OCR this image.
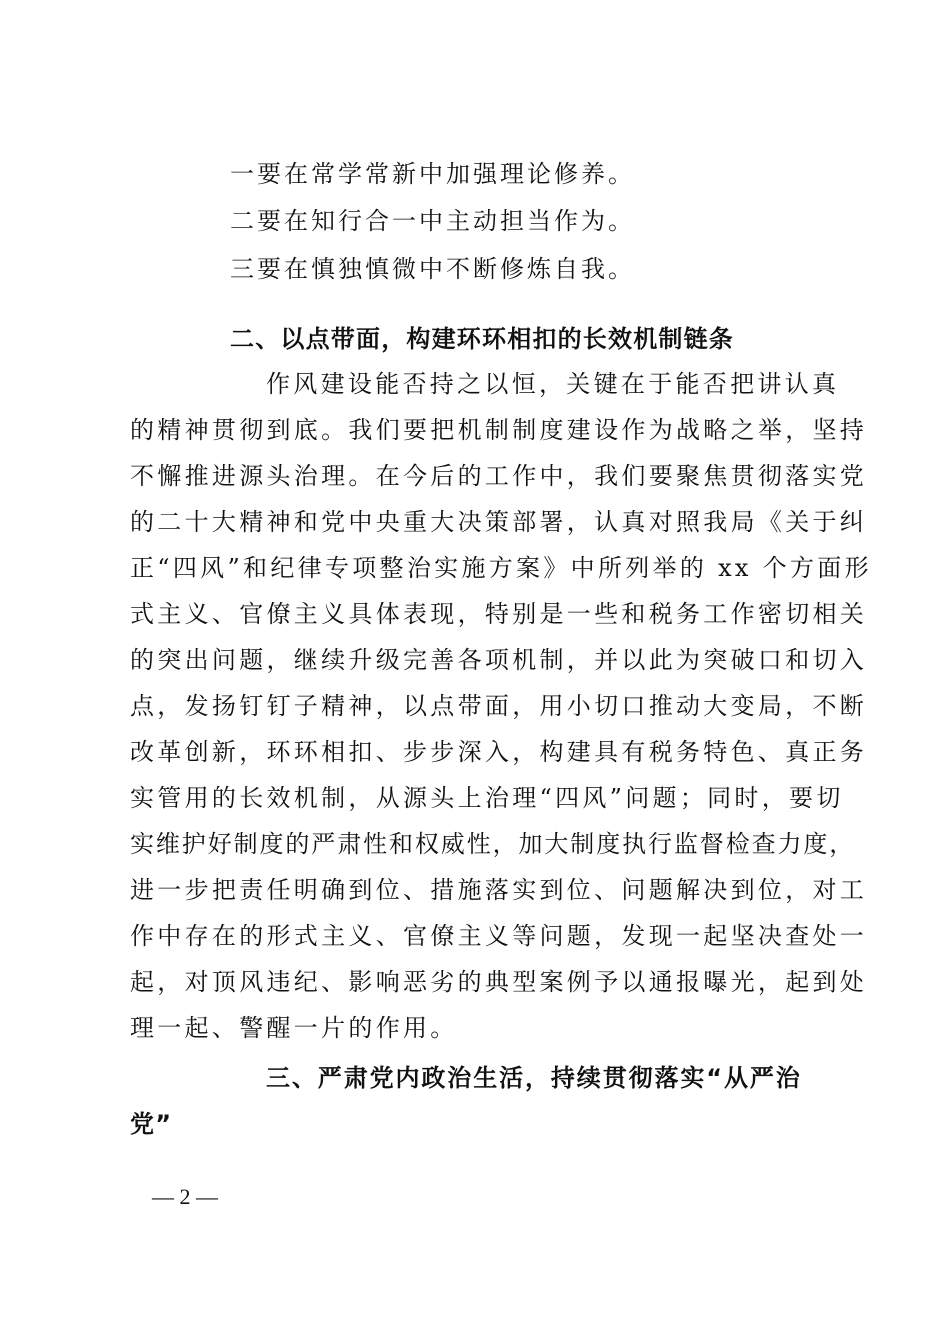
一要在常学常新中加强理论修养。
二要在知行合一中主动担当作为。
三要在慎独慎微中不断修炼自我。
二、以点带面，构建环环相扣的长效机制链条
作风建设能否持之以恒，关键在于能否把讲认真
的精神贯彻到底。我们要把机制制度建设作为战略之举，坚持
不懈推进源头治理。在今后的工作中，我们要聚焦贯彻落实党
的二十大精神和党中央重大决策部署，认真对照我局《关于纠
正“四风”和纪律专项整治实施方案》中所列举的 xx 个方面形
式主义、官僚主义具体表现，特别是一些和税务工作密切相关
的突出问题，继续升级完善各项机制，并以此为突破口和切入
点，发扬钉钉子精神，以点带面，用小切口推动大变局，不断
改革创新，环环相扣、步步深入，构建具有税务特色、真正务
实管用的长效机制，从源头上治理“四风”问题；同时，要切
实维护好制度的严肃性和权威性，加大制度执行监督检查力度，
进一步把责任明确到位、措施落实到位、问题解决到位，对工
作中存在的形式主义、官僚主义等问题，发现一起坚决查处一
起，对顶风违纪、影响恶劣的典型案例予以通报曝光，起到处
理一起、警醒一片的作用。
三、严肃党内政治生活，持续贯彻落实“从严治
党”
— 2 —
